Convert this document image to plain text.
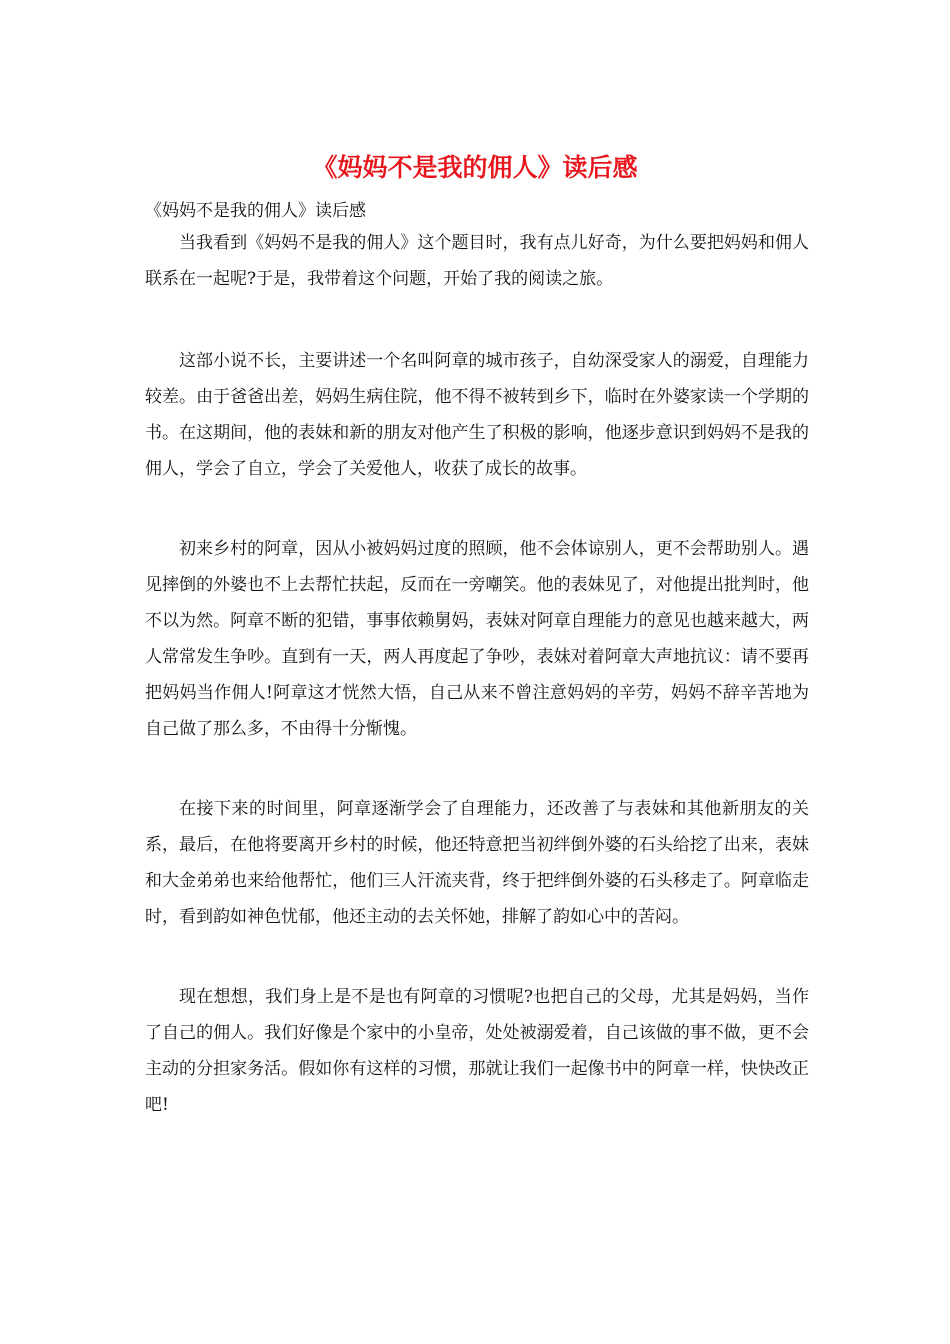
《妈妈不是我的佣人》读后感

《妈妈不是我的佣人》读后感

当我看到《妈妈不是我的佣人》这个题目时，我有点儿好奇，为什么要把妈妈和佣人联系在一起呢?于是，我带着这个问题，开始了我的阅读之旅。

这部小说不长，主要讲述一个名叫阿章的城市孩子，自幼深受家人的溺爱，自理能力较差。由于爸爸出差，妈妈生病住院，他不得不被转到乡下，临时在外婆家读一个学期的书。在这期间，他的表妹和新的朋友对他产生了积极的影响，他逐步意识到妈妈不是我的佣人，学会了自立，学会了关爱他人，收获了成长的故事。

初来乡村的阿章，因从小被妈妈过度的照顾，他不会体谅别人，更不会帮助别人。遇见摔倒的外婆也不上去帮忙扶起，反而在一旁嘲笑。他的表妹见了，对他提出批判时，他不以为然。阿章不断的犯错，事事依赖舅妈，表妹对阿章自理能力的意见也越来越大，两人常常发生争吵。直到有一天，两人再度起了争吵，表妹对着阿章大声地抗议：请不要再把妈妈当作佣人!阿章这才恍然大悟，自己从来不曾注意妈妈的辛劳，妈妈不辞辛苦地为自己做了那么多，不由得十分惭愧。

在接下来的时间里，阿章逐渐学会了自理能力，还改善了与表妹和其他新朋友的关系，最后，在他将要离开乡村的时候，他还特意把当初绊倒外婆的石头给挖了出来，表妹和大金弟弟也来给他帮忙，他们三人汗流夹背，终于把绊倒外婆的石头移走了。阿章临走时，看到韵如神色忧郁，他还主动的去关怀她，排解了韵如心中的苦闷。

现在想想，我们身上是不是也有阿章的习惯呢?也把自己的父母，尤其是妈妈，当作了自己的佣人。我们好像是个家中的小皇帝，处处被溺爱着，自己该做的事不做，更不会主动的分担家务活。假如你有这样的习惯，那就让我们一起像书中的阿章一样，快快改正吧!
